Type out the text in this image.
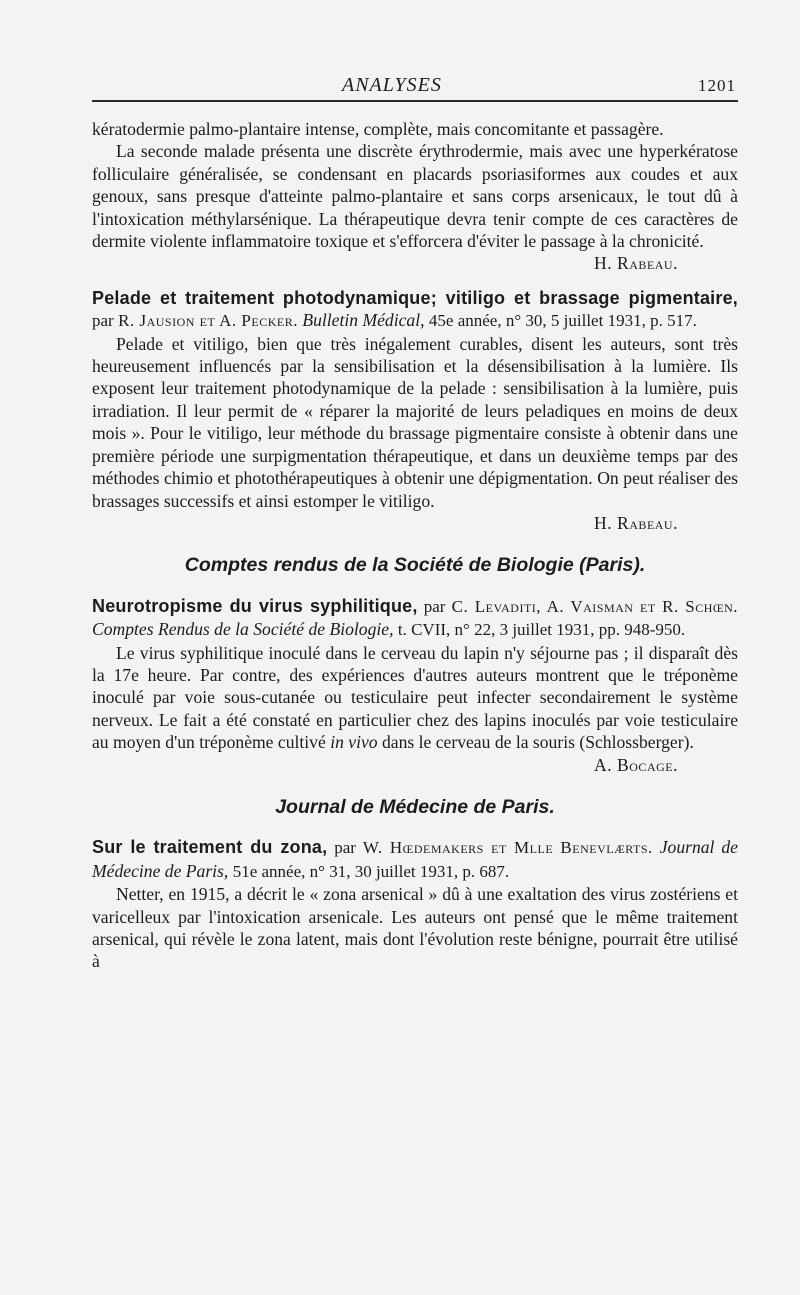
ANALYSES	1201

kératodermie palmo-plantaire intense, complète, mais concomitante et passagère.

La seconde malade présenta une discrète érythrodermie, mais avec une hyperkératose folliculaire généralisée, se condensant en placards psoriasiformes aux coudes et aux genoux, sans presque d'atteinte palmo-plantaire et sans corps arsenicaux, le tout dû à l'intoxication méthylarsénique. La thérapeutique devra tenir compte de ces caractères de dermite violente inflammatoire toxique et s'efforcera d'éviter le passage à la chronicité.

H. Rabeau.

Pelade et traitement photodynamique; vitiligo et brassage pigmentaire, par R. Jausion et A. Pecker. Bulletin Médical, 45e année, n° 30, 5 juillet 1931, p. 517.

Pelade et vitiligo, bien que très inégalement curables, disent les auteurs, sont très heureusement influencés par la sensibilisation et la désensibilisation à la lumière. Ils exposent leur traitement photodynamique de la pelade : sensibilisation à la lumière, puis irradiation. Il leur permit de « réparer la majorité de leurs peladiques en moins de deux mois ». Pour le vitiligo, leur méthode du brassage pigmentaire consiste à obtenir dans une première période une surpigmentation thérapeutique, et dans un deuxième temps par des méthodes chimio et photothérapeutiques à obtenir une dépigmentation. On peut réaliser des brassages successifs et ainsi estomper le vitiligo.

H. Rabeau.

Comptes rendus de la Société de Biologie (Paris).

Neurotropisme du virus syphilitique, par C. Levaditi, A. Vaisman et R. Schœn. Comptes Rendus de la Société de Biologie, t. CVII, n° 22, 3 juillet 1931, pp. 948-950.

Le virus syphilitique inoculé dans le cerveau du lapin n'y séjourne pas ; il disparaît dès la 17e heure. Par contre, des expériences d'autres auteurs montrent que le tréponème inoculé par voie sous-cutanée ou testiculaire peut infecter secondairement le système nerveux. Le fait a été constaté en particulier chez des lapins inoculés par voie testiculaire au moyen d'un tréponème cultivé in vivo dans le cerveau de la souris (Schlossberger).

A. Bocage.

Journal de Médecine de Paris.

Sur le traitement du zona, par W. Hœdemakers et Mlle Benevlærts. Journal de Médecine de Paris, 51e année, n° 31, 30 juillet 1931, p. 687.

Netter, en 1915, a décrit le « zona arsenical » dû à une exaltation des virus zostériens et varicelleux par l'intoxication arsenicale. Les auteurs ont pensé que le même traitement arsenical, qui révèle le zona latent, mais dont l'évolution reste bénigne, pourrait être utilisé à
